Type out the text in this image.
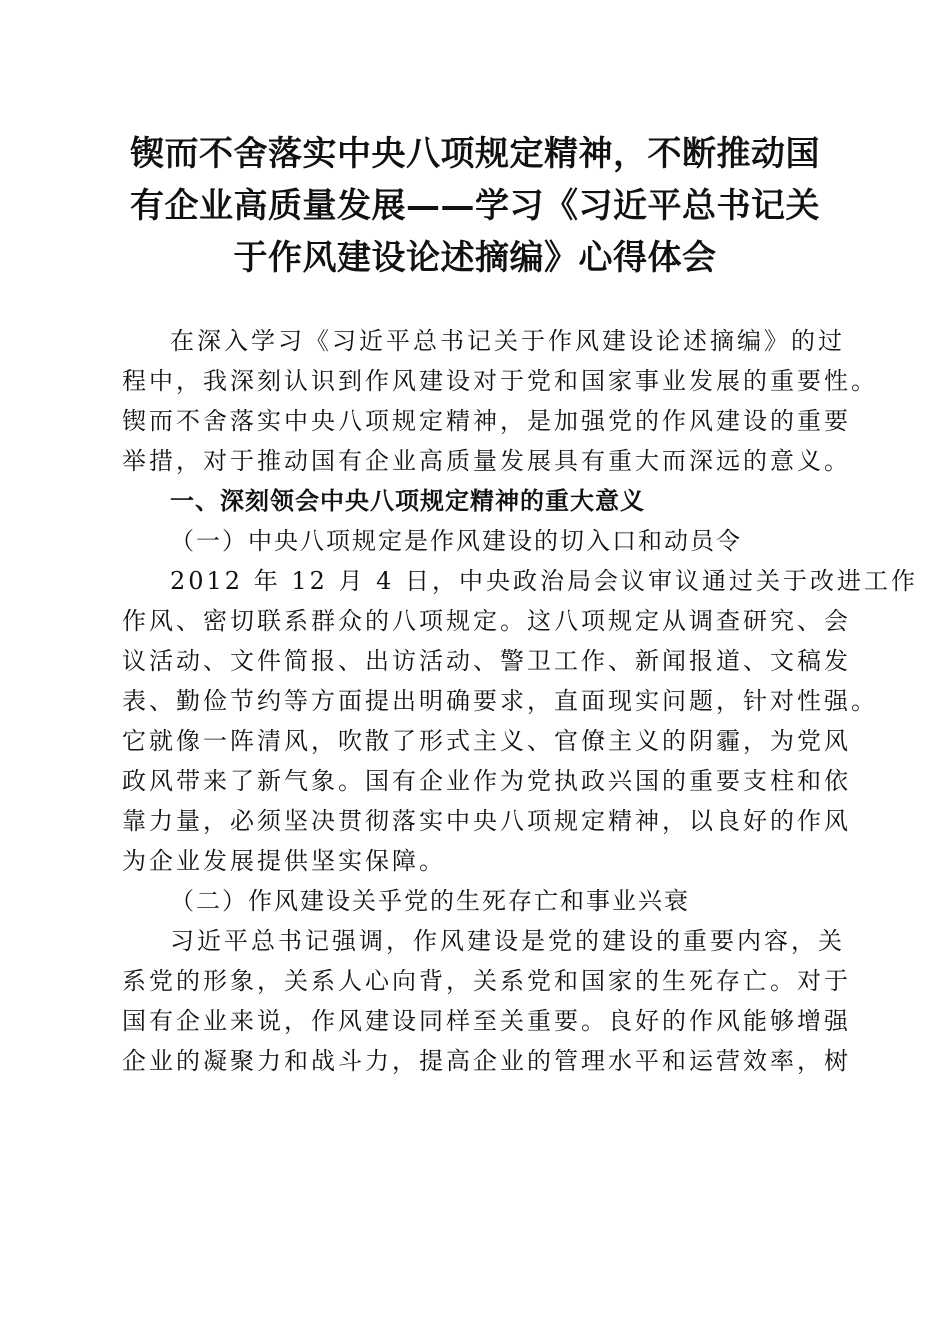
锲而不舍落实中央八项规定精神，不断推动国
有企业高质量发展——学习《习近平总书记关
于作风建设论述摘编》心得体会
在深入学习《习近平总书记关于作风建设论述摘编》的过
程中，我深刻认识到作风建设对于党和国家事业发展的重要性。
锲而不舍落实中央八项规定精神，是加强党的作风建设的重要
举措，对于推动国有企业高质量发展具有重大而深远的意义。
一、深刻领会中央八项规定精神的重大意义
（一）中央八项规定是作风建设的切入口和动员令
2012 年 12 月 4 日，中央政治局会议审议通过关于改进工作
作风、密切联系群众的八项规定。这八项规定从调查研究、会
议活动、文件简报、出访活动、警卫工作、新闻报道、文稿发
表、勤俭节约等方面提出明确要求，直面现实问题，针对性强。
它就像一阵清风，吹散了形式主义、官僚主义的阴霾，为党风
政风带来了新气象。国有企业作为党执政兴国的重要支柱和依
靠力量，必须坚决贯彻落实中央八项规定精神，以良好的作风
为企业发展提供坚实保障。
（二）作风建设关乎党的生死存亡和事业兴衰
习近平总书记强调，作风建设是党的建设的重要内容，关
系党的形象，关系人心向背，关系党和国家的生死存亡。对于
国有企业来说，作风建设同样至关重要。良好的作风能够增强
企业的凝聚力和战斗力，提高企业的管理水平和运营效率，树
